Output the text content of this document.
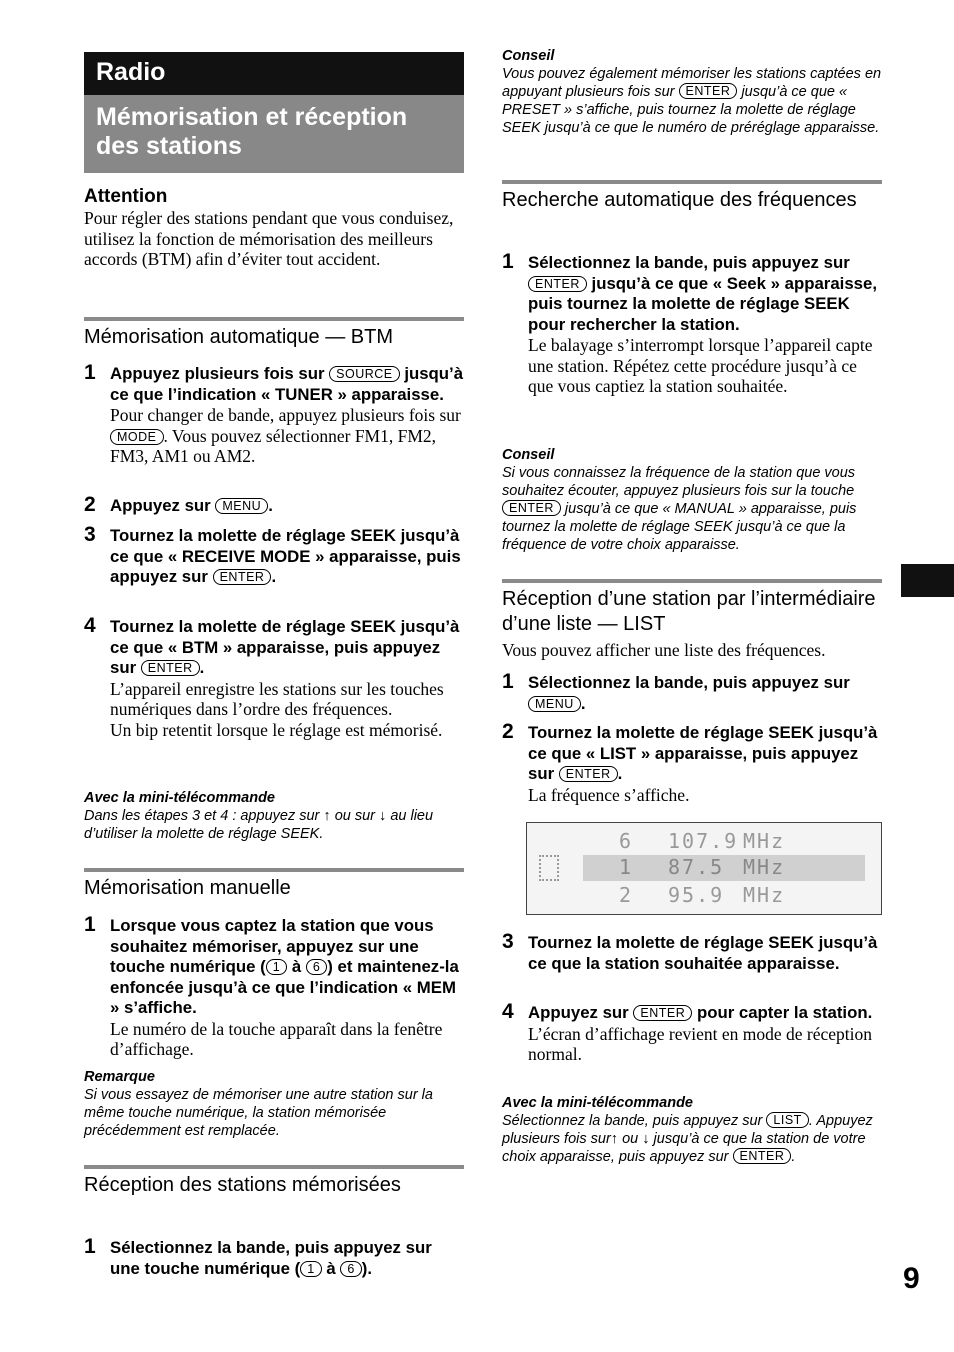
Radio
Mémorisation et réception des stations
Attention
Pour régler des stations pendant que vous conduisez, utilisez la fonction de mémorisation des meilleurs accords (BTM) afin d’éviter tout accident.
Mémorisation automatique — BTM
1 Appuyez plusieurs fois sur SOURCE jusqu’à ce que l’indication « TUNER » apparaisse.
Pour changer de bande, appuyez plusieurs fois sur MODE . Vous pouvez sélectionner FM1, FM2, FM3, AM1 ou AM2.
2 Appuyez sur MENU .
3 Tournez la molette de réglage SEEK jusqu’à ce que « RECEIVE MODE » apparaisse, puis appuyez sur ENTER .
4 Tournez la molette de réglage SEEK jusqu’à ce que « BTM » apparaisse, puis appuyez sur ENTER .
L’appareil enregistre les stations sur les touches numériques dans l’ordre des fréquences.
Un bip retentit lorsque le réglage est mémorisé.
Avec la mini-télécommande
Dans les étapes 3 et 4 : appuyez sur ↑ ou sur ↓ au lieu d’utiliser la molette de réglage SEEK.
Mémorisation manuelle
1 Lorsque vous captez la station que vous souhaitez mémoriser, appuyez sur une touche numérique ( 1 à 6 ) et maintenez-la enfoncée jusqu’à ce que l’indication « MEM » s’affiche.
Le numéro de la touche apparaît dans la fenêtre d’affichage.
Remarque
Si vous essayez de mémoriser une autre station sur la même touche numérique, la station mémorisée précédemment est remplacée.
Réception des stations mémorisées
1 Sélectionnez la bande, puis appuyez sur une touche numérique ( 1 à 6 ).
Conseil
Vous pouvez également mémoriser les stations captées en appuyant plusieurs fois sur ENTER jusqu’à ce que « PRESET » s’affiche, puis tournez la molette de réglage SEEK jusqu’à ce que le numéro de préréglage apparaisse.
Recherche automatique des fréquences
1 Sélectionnez la bande, puis appuyez sur ENTER jusqu’à ce que « Seek » apparaisse, puis tournez la molette de réglage SEEK pour rechercher la station.
Le balayage s’interrompt lorsque l’appareil capte une station. Répétez cette procédure jusqu’à ce que vous captiez la station souhaitée.
Conseil
Si vous connaissez la fréquence de la station que vous souhaitez écouter, appuyez plusieurs fois sur la touche ENTER jusqu’à ce que « MANUAL » apparaisse, puis tournez la molette de réglage SEEK jusqu’à ce que la fréquence de votre choix apparaisse.
Réception d’une station par l’intermédiaire d’une liste — LIST
Vous pouvez afficher une liste des fréquences.
1 Sélectionnez la bande, puis appuyez sur MENU .
2 Tournez la molette de réglage SEEK jusqu’à ce que « LIST » apparaisse, puis appuyez sur ENTER .
La fréquence s’affiche.
6 107.9 MHz
1 87.5 MHz
2 95.9 MHz
3 Tournez la molette de réglage SEEK jusqu’à ce que la station souhaitée apparaisse.
4 Appuyez sur ENTER pour capter la station.
L’écran d’affichage revient en mode de réception normal.
Avec la mini-télécommande
Sélectionnez la bande, puis appuyez sur LIST . Appuyez plusieurs fois sur↑ ou ↓ jusqu’à ce que la station de votre choix apparaisse, puis appuyez sur ENTER .
9
